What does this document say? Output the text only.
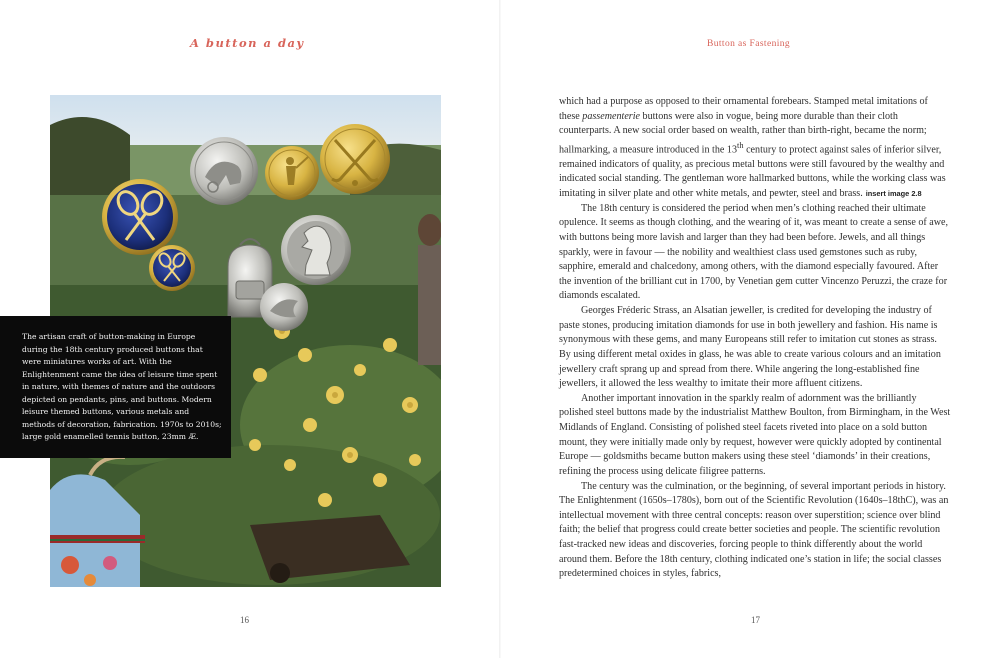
A button a day

The artisan craft of button-making in Europe during the 18th century produced buttons that were miniatures works of art. With the Enlightenment came the idea of leisure time spent in nature, with themes of nature and the outdoors depicted on pendants, pins, and buttons. Modern leisure themed buttons, various metals and methods of decoration, fabrication. 1970s to 2010s; large gold enamelled tennis button, 23mm Æ.

16
Button as Fastening

which had a purpose as opposed to their ornamental forebears. Stamped metal imitations of these passementerie buttons were also in vogue, being more durable than their cloth counterparts. A new social order based on wealth, rather than birth-right, became the norm; hallmarking, a measure introduced in the 13th century to protect against sales of inferior silver, remained indicators of quality, as precious metal buttons were still favoured by the wealthy and indicated social standing. The gentleman wore hallmarked buttons, while the working class was imitating in silver plate and other white metals, and pewter, steel and brass. insert image 2.8

The 18th century is considered the period when men’s clothing reached their ultimate opulence. It seems as though clothing, and the wearing of it, was meant to create a sense of awe, with buttons being more lavish and larger than they had been before. Jewels, and all things sparkly, were in favour — the nobility and wealthiest class used gemstones such as ruby, sapphire, emerald and chalcedony, among others, with the diamond especially favoured. After the invention of the brilliant cut in 1700, by Venetian gem cutter Vincenzo Peruzzi, the craze for diamonds escalated.

Georges Fréderic Strass, an Alsatian jeweller, is credited for developing the industry of paste stones, producing imitation diamonds for use in both jewellery and fashion. His name is synonymous with these gems, and many Europeans still refer to imitation cut stones as strass. By using different metal oxides in glass, he was able to create various colours and an imitation jewellery craft sprang up and spread from there. While angering the long-established fine jewellers, it allowed the less wealthy to imitate their more affluent citizens.

Another important innovation in the sparkly realm of adornment was the brilliantly polished steel buttons made by the industrialist Matthew Boulton, from Birmingham, in the West Midlands of England. Consisting of polished steel facets riveted into place on a sold button mount, they were initially made only by request, however were quickly adopted by continental Europe — goldsmiths became button makers using these steel ‘diamonds’ in their creations, refining the process using delicate filigree patterns.

The century was the culmination, or the beginning, of several important periods in history. The Enlightenment (1650s–1780s), born out of the Scientific Revolution (1640s–18thC), was an intellectual movement with three central concepts: reason over superstition; science over blind faith; the belief that progress could create better societies and people. The scientific revolution fast-tracked new ideas and discoveries, forcing people to think differently about the world around them. Before the 18th century, clothing indicated one’s station in life; the social classes predetermined choices in styles, fabrics,

17
